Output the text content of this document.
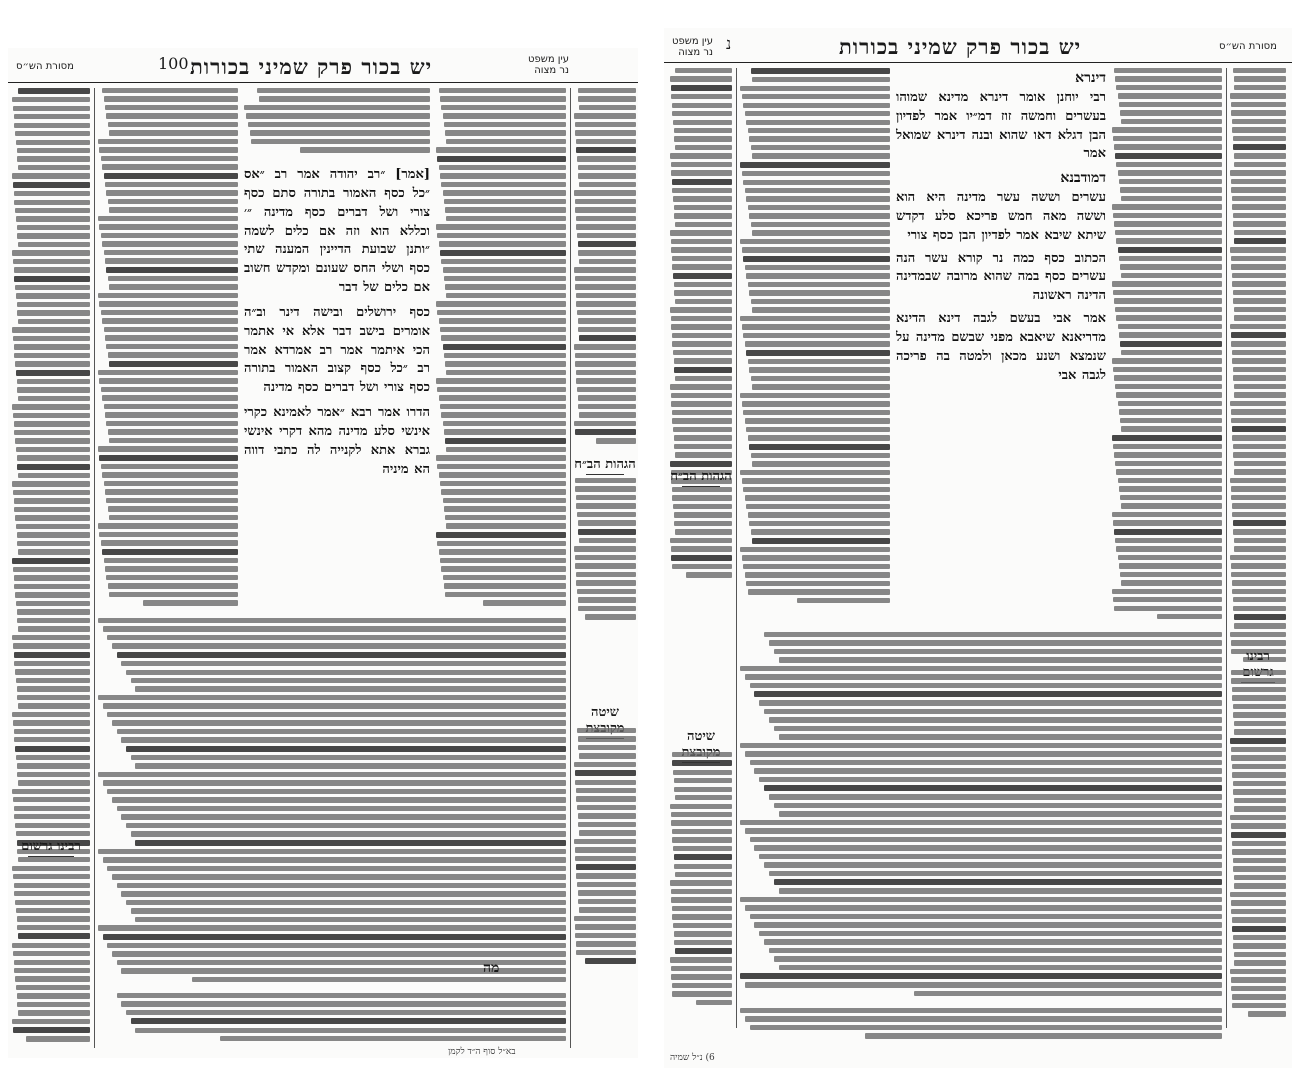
מסורת הש״ס	100 יש בכור פרק שמיני בכורות	עין משפט
נר מצוה
[אמר] ״רב יהודה אמר רב ״אס ״כל כסף האמור בתורה סתם כסף צורי ושל דברים כסף מדינה ״׳ וכללא הוא וזה אם כלים לשמה ״ותנן שבועת הדיינין המענה שתי כסף ושלי החס שעונם ומקדש חשוב אם כלים של דבר
כסף ירושלים ובישה דינר וב״ה אומרים בישב דבר אלא אי אתמר הכי איתמר אמר רב אמרדא אמר רב ״כל כסף קצוב האמור בתורה כסף צורי ושל דברים כסף מדינה
הדרו אמר רבא ״אמר לאמינא כקרי אינשי סלע מדינה מהא דקרי אינשי גברא אתא לקנייה לה כתבי דווה הא מיניה	הגהות הב״ח
שיטה
רבינו גרשום
מה
בא״ל סוף ה״ד לקמן
עין משפט
נר מצוה	נ	יש בכור פרק שמיני בכורות	מסורת הש״ס
הגהות הב״ח
שיטה
דינרא
רבי יוחנן אומר דינרא מדינא שמוהו בעשרים וחמשה זוז דמ״יו אמר לפדיון הבן דגלא דאו שהוא ובנה דינרא שמואל אמר
דמודבנא
עשרים וששה עשר מדינה היא הוא וששה מאה חמש פריכא סלע דקדש שיתא שיבא אמר לפדיון הבן כסף צורי
הכתוב כסף כמה נר קורא עשר הנה עשרים כסף במה שהוא מרובה שבמדינה הדינה ראשונה
אמר אבי בעשם לגבה דינא הדינא מדריאנא שיאבא מפני שבשם מדינה על שנמצא ושנע מכאן ולמטה בה פריכה לגבה אבי
רבינו
6) נ״ל שמיה
